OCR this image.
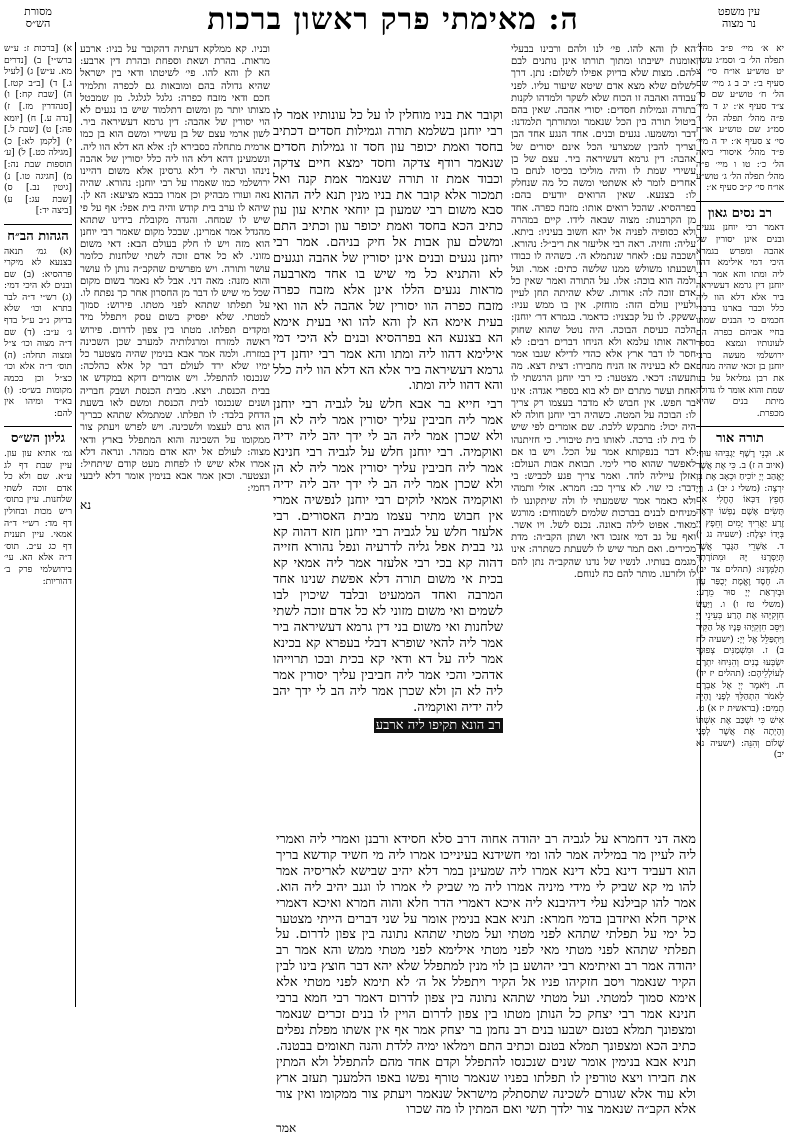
עין משפט
נר מצוה
ה: מאימתי פרק ראשון ברכות
מסורת
הש״ס

יא א׳ מיי׳ פ״ב מהל׳ תפלה הל׳ ב׳ וסמ״ג עשין יט טוש״ע או״ח סי׳ צ סעיף ב׳: יב ב ג מיי׳ שם הל׳ ח׳ טוש״ע שם סי׳ צ״ד סעיף א׳: יג ד מיי׳ פ״ה מהל׳ תפלה הל׳ ו׳ סמ״ג שם טוש״ע או״ח סי׳ צ סעיף א׳: יד ה מיי׳ פ״ד מהל׳ איסורי ביאה הל׳ כ׳: טו ו מיי׳ פ״ה מהל׳ תפלה הל׳ ג׳ טוש״ע או״ח סי׳ ק״ב סעיף א׳:

רב נסים גאון

דאמר רבי יוחנן נגעים ובנים אינן יסורין של אהבה ומפרש בגמרא היכי דמי אילימא דהוו ליה ומתו והא אמר רבי יוחנן דין גרמא דעשיראה ביר אלא דלא הוו ליה כלל וכבר בארנו בדברי חכמים כי הבנים שמתו בחיי אביהם כפרה הם לעונותיו ונמצא בספר ירושלמי מעשה ברבי יוחנן בן זכאי שהיה מנחם את רבן גמליאל על בנו שמת והוא אומר לו גדולה מיתת בנים שהיא מכפרת.

תורה אור

א. וּבְנֵי רֶשֶׁף יַגְבִּיהוּ עוּף: (איוב ה ז) ב. כִּי אֶת אֲשֶׁר יֶאֱהַב יְיָ יוֹכִיחַ וּכְאָב אֶת בֵּן יִרְצֶה: (משלי ג יב) ג. וַיְיָ חָפֵץ דַּכְּאוֹ הֶחֱלִי אִם תָּשִׂים אָשָׁם נַפְשׁוֹ יִרְאֶה זֶרַע יַאֲרִיךְ יָמִים וְחֵפֶץ יְיָ בְּיָדוֹ יִצְלָח: (ישעיה נג י) ד. אַשְׁרֵי הַגֶּבֶר אֲשֶׁר תְּיַסְּרֶנּוּ יָּהּ וּמִתּוֹרָתְךָ תְלַמְּדֶנּוּ: (תהלים צד יב) ה. חֶסֶד וֶאֱמֶת יְכֻפַּר עָוֹן וּבְיִרְאַת יְיָ סוּר מֵרָע: (משלי טז ו) ו. וַיַּעַשׂ חִזְקִיָּהוּ אֶת הָרַע בְּעֵינֵי יְיָ וַיִּסֵּב חִזְקִיָּהוּ פָּנָיו אֶל הַקִּיר וַיִּתְפַּלֵּל אֶל יְיָ: (ישעיה לח ב) ז. וּמִשְׁמַנִּים צְפוּנְךָ יִשְׂבְּעוּ בָנִים וְהִנִּיחוּ יִתְרָם לְעוֹלְלֵיהֶם: (תהלים יז יד) ח. וַיֹּאמֶר יְיָ אֶל אַבְרָם לֵאמֹר הִתְהַלֵּךְ לְפָנַי וֶהְיֵה תָמִים: (בראשית יז א) ט. אִישׁ כִּי יִשְׁכַּב אֶת אִשְׁתּוֹ וְהָיְתָה אֶת אֲשֶׁר לְפָנַי שָׁלוֹם וְהִנֵּה: (ישעיה נא יב)

הא לן והא להו. פי׳ לנו ולהם ורבינו בבעלי אומנות ישיבתו ומתוך תורתו אינן נותנים לבם להם. מצות שלא בדיוק אפילו לשלום: נתן. דרך לשלום שלא מצא אדם שיטא שיעור עליו. לפני עבודה ואהבה זו הכוח שלא לשקר ולמדהו לקנות בתורה וגמילות חסדים: יסורי אהבה. שאין בהם ביטול תורה בין הכל שנאמר ומתורתך תלמדנו: דבר ומשמעו. נגעים ובנים. אחד הנגע אחד הבן וצריך להבין שמצרעי הכל אינם יסורים של אהבה: דין גרמא דעשיראה ביר. עצם של בן עשירי שמת לו והיה מוליכו בכיסו לנחם בו אחרים לומר לא אשתטי ומשה כל מה שנחלק לו: בצנעא. שאין הרואים יודעים בהם: בפרהסיא. שהכל רואים אותו: מזבח כפרה. אחד מן הקרבנות: מצוה שבאה לידו. קיים במהרה ולא כסופיה לפניה אל יהא חשוב בעיניו: ביתא. עליה: וחזיה. ראה רבי אליעזר את ריב״ל: נהורא. ושכבה עם: לאחר שנתמלא ה׳. כשהיה לו כבודו ושבעתו משולש ממנו שלשה כתים: אמר. ועל ולמה הוא בוכה: אלו. על התורה ואמר שאין כל אדם זוכה לה: אורות. שלא שהיתה תחן לעיין ולעיין עולם הזה: מוחזק. אין בו ממש עניו: ששקק. לו על קבצניו: כדאמר. בגמרא דר׳ יוחנן: הלכה כעיסת הבוכה. היה נוטל שהוא שחוק וראה אותו עלמא ולא הניחו דברים רבים: לא חסר לו דבר ארץ אלא כהדי לדילא שגבו אמר אם לא בעיניה אז הניח מחבירו: דצית דצא. מה תעשה: דכאי. מצטער: כי רבי יוחנן הרגשתי לו אחת ועשר מתרם יום לא בוא בספרי אגדה: אינו בר חפש. אין חבוש לא מדבר בעצמו רק צריך לו: הבוכה על המטה. כשהיה רבי יוחנן חולה לא היה יכול: מתבקש ללכת. שם אומרים לפי שיש לו בית לו: ברכה. לאותו בית טיבורי. כי חזיתנהו לא דבר בנפקותא אמר על הכל. ויש בו אם לאפשר שהוא סרי לימי. תבואת אבות העולם: אזלן עייליה לחד. ואמר צריך פגע לכביש: בי דבר: כי שוי. לא צריך כב: חמרא. אזלי ותמהי ולא כאמר אמר ששמעתי לו ולה שיתקוננו לו מניחים לבנים בברכות שלמים לשמוחים: מורגש מאוד. אפוט לילה באונה. נכנס לשל. ויו אשר. ואף על גב דמי אזנכו דאי ושתן הקב״ה: מדת מכירים. ואם תמר שיש לו לשעתת כשתרה: אינו מגמם בנותיו. לנשיו של נדנו שהקב״ה נתן להם לו ולזרעו. מותר להם כח לנוחם.

ובניו. קא ממלקא דעתיה דהקובר על בניו: ארבע מראות. בהרת ושאת וספחת ובהרת דין ארבע: הא לן והא להו. פי׳ לשיטתו ודאי בין ישראל שהיא גדולה בהם ומובאות גם לכפרה ותלמיד חכם ודאי מזבח כפרה: גלגל לגלגל. מן שמבטל מצותו יותר מן ומשום דתלמוד שיש בו נגעים לא הוי יסורין של אהבה: דין גרמא דעשיראה ביר. לשון ארמי עצם של בן עשירי ומשם הוא בן כמו ארמית מתחלה כסבירא לן: אלא הא דלא הוו ליה. ונשמעינן דהא דלא הוו ליה כלל יסורין של אהבה נינהו ונראה לי דלא גרסינן אלא משום דהיינו ירושלמי כמו שאמרו על רבי יוחנן: נהורא. שהיה נאה ועורו מבהיק וכן אמרו בבבא מציעא: הא לן. שיהא לו ערב בית קודש והיה בית אפל: אף על פי שיש לו שמחה. והגדה מקובלת בידינו שתהא מהגדל אמר אמרינן. שבכל מקום שאמר רבי יוחנן הוא מזה ויש לו חלק בעולם הבא: דאי משום מזוני. לא כל אדם זוכה לשתי שלחנות כלומר עושר ותורה. ויש מפרשים שהקב״ה נותן לו עושר והוא מזנה: מאה דני. אבל לא נאמר בשום מקום שכל מי שיש לו דבר מן החסרון אחר כך נפתח לו. על תפלתו שתהא לפני מטתו. פירוש: סמוך למטתי. שלא יפסיק בשום עסק ויתפלל מיד ומקדים תפלתו. מטתו בין צפון לדרום. פירוש ראשה למזרח ומרגלותיה למערב שכן השכינה במזרח. ולמה אמר אבא בנימין שהיה מצטער כל ימיו שלא ירד לעולם דבר קל אלא כהלכה: שנכנסו להתפלל. ויש אומרים דוקא במקדש או בבית הכנסת. ויצא. מבית הכנסת ושבק חבריה ושנים שנכנסו לבית הכנסת ומשם לאו בשעת הדחק בלבד: לו תפלתו. שמתמלא שתהא כבריך הוא גרם לעצמו ולשכינה. ויש לפרש ויעתק צור ממקומו על השכינה והוא המתפלל בארץ ודאי מצוה: לעולם אל יהא אדם ממהר. ונראה דלא אמרו אלא שיש לו לפחות מעט קודם שיתחיל: ונצטער. וכאן אמר אבא בנימין אומר דלא ליבעי רחמי:

נא

וקובר את בניו מוחלין לו על כל עונותיו אמר לו רבי יוחנן בשלמא תורה וגמילות חסדים דכתיב בחסד ואמת יכופר עון חסד זו גמילות חסדים שנאמר רודף צדקה וחסד ימצא חיים צדקה וכבוד אמת זו תורה שנאמר אמת קנה ואל תמכור אלא קובר את בניו מנין תנא ליה ההוא סבא משום רבי שמעון בן יוחאי אתיא עון עון כתיב הכא בחסד ואמת יכופר עון וכתיב התם ומשלם עון אבות אל חיק בניהם. אמר רבי יוחנן נגעים ובנים אינן יסורין של אהבה ונגעים לא והתניא כל מי שיש בו אחד מארבעה מראות נגעים הללו אינן אלא מזבח כפרה מזבח כפרה הוו יסורין של אהבה לא הוו ואי בעית אימא הא לן והא להו ואי בעית אימא הא בצנעא הא בפרהסיא ובנים לא היכי דמי אילימא דהוו ליה ומתו והא אמר רבי יוחנן דין גרמא דעשיראה ביר אלא הא דלא הוו ליה כלל והא דהוו ליה ומתו.

רבי חייא בר אבא חלש על לגביה רבי יוחנן אמר ליה חביבין עליך יסורין אמר ליה לא הן ולא שכרן אמר ליה הב לי ידך יהב ליה ידיה ואוקמיה. רבי יוחנן חלש על לגביה רבי חנינא אמר ליה חביבין עליך יסורין אמר ליה לא הן ולא שכרן אמר ליה הב לי ידך יהב ליה ידיה ואוקמיה אמאי לוקים רבי יוחנן לנפשיה אמרי אין חבוש מתיר עצמו מבית האסורים. רבי אלעזר חלש על לגביה רבי יוחנן חזא דהוה קא גני בבית אפל גליה לדרעיה ונפל נהורא חזייה דהוה קא בכי רבי אלעזר אמר ליה אמאי קא בכית אי משום תורה דלא אפשת שנינו אחד המרבה ואחד הממעיט ובלבד שיכוין לבו לשמים ואי משום מזוני לא כל אדם זוכה לשתי שלחנות ואי משום בני דין גרמא דעשיראה ביר אמר ליה להאי שופרא דבלי בעפרא קא בכינא אמר ליה על דא ודאי קא בכית ובכו תרוייהו אדהכי והכי אמר ליה חביבין עליך יסורין אמר ליה לא הן ולא שכרן אמר ליה הב לי ידך יהב ליה ידיה ואוקמיה.

רב הונא תקיפו ליה ארבע

מאה דני דחמרא על לגביה רב יהודה אחוה דרב סלא חסידא ורבנן ואמרי ליה ואמרי ליה לעיין מר במיליה אמר להו ומי חשידנא בעינייכו אמרו ליה מי חשיד קודשא בריך הוא דעביד דינא בלא דינא אמרו ליה שמעינן במר דלא יהיב שבישא לאריסיה אמר להו מי קא שביק לי מידי מיניה אמרו ליה מי שביק לי אמרו לו וגנב יהיב ליה הוא. אמר להו קבילנא עלי דיהיבנא ליה איכא דאמרי הדר חלא והוה חמרא ואיכא דאמרי איקר חלא ואיזדבן בדמי חמרא: תניא אבא בנימין אומר על שני דברים הייתי מצטער כל ימי על תפלתי שתהא לפני מטתי ועל מטתי שתהא נתונה בין צפון לדרום. על תפלתי שתהא לפני מטתי מאי לפני מטתי אילימא לפני מטתי ממש והא אמר רב יהודה אמר רב ואיתימא רבי יהושע בן לוי מנין למתפלל שלא יהא דבר חוצץ בינו לבין הקיר שנאמר ויסב חזקיהו פניו אל הקיר ויתפלל אל ה׳ לא תימא לפני מטתי אלא אימא סמוך למטתי. ועל מטתי שתהא נתונה בין צפון לדרום דאמר רבי חמא ברבי חנינא אמר רבי יצחק כל הנותן מטתו בין צפון לדרום הויין לו בנים זכרים שנאמר ומצפונך תמלא בטנם ישבעו בנים רב נחמן בר יצחק אמר אף אין אשתו מפלת נפלים כתיב הכא ומצפונך תמלא בטנם וכתיב התם וימלאו ימיה ללדת והנה תאומים בבטנה. תניא אבא בנימין אומר שנים שנכנסו להתפלל וקדם אחד מהם להתפלל ולא המתין את חבירו ויצא טורפין לו תפלתו בפניו שנאמר טורף נפשו באפו הלמענך תעזב ארץ ולא עוד אלא שגורם לשכינה שתסתלק מישראל שנאמר ויעתק צור ממקומו ואין צור אלא הקב״ה שנאמר צור ילדך תשי ואם המתין לו מה שכרו

אמר

א) [ברכות ז: ע״ש ברש״י] ב) [נדרים מא. ע״ש] ג) [לעיל ג.] ד) [ב״ב קטז.] ה) [שבת קח:] ו) [סנהדרין מז.] ז) [נדה ע.] ח) [יומא פה:] ט) [שבת ל.] י) [לקמן לא:] כ) [מגילה כט.] ל) [ע׳ תוספות שבת נה:] מ) [חגיגה טו.] נ) [גיטין נב.] ס) [שבת עג:] ע) [ביצה יד:]

הגהות הב״ח

(א) גמ׳ תנאה בצנעא לא מיקרי פרהסיא: (ב) שם ובנים לא היכי דמי: (ג) רש״י ד״ה לבר בתרא וכו׳ שלא בדיוק נ״ב ע״ל בדף ג׳ ע״ב: (ד) שם ד״ה מצוה וכו׳ צ״ל ומצוה תחלה: (ה) תוס׳ ד״ה אלא וכו׳ כצ״ל וכן בכמה מקומות בש״ס: (ו) בא״ד ומיהו אין להם:

גליון הש״ס

גמ׳ אתיא עון עון. עיין שבת דף לג ע״א. שם ולא כל אדם זוכה לשתי שלחנות. עיין בתוס׳ ריש מכות ובחולין דף מד: רש״י ד״ה אמאי. עיין תענית דף כג ע״ב. תוס׳ ד״ה אלא הא. עי׳ בירושלמי פרק ב׳ דהוריות:
